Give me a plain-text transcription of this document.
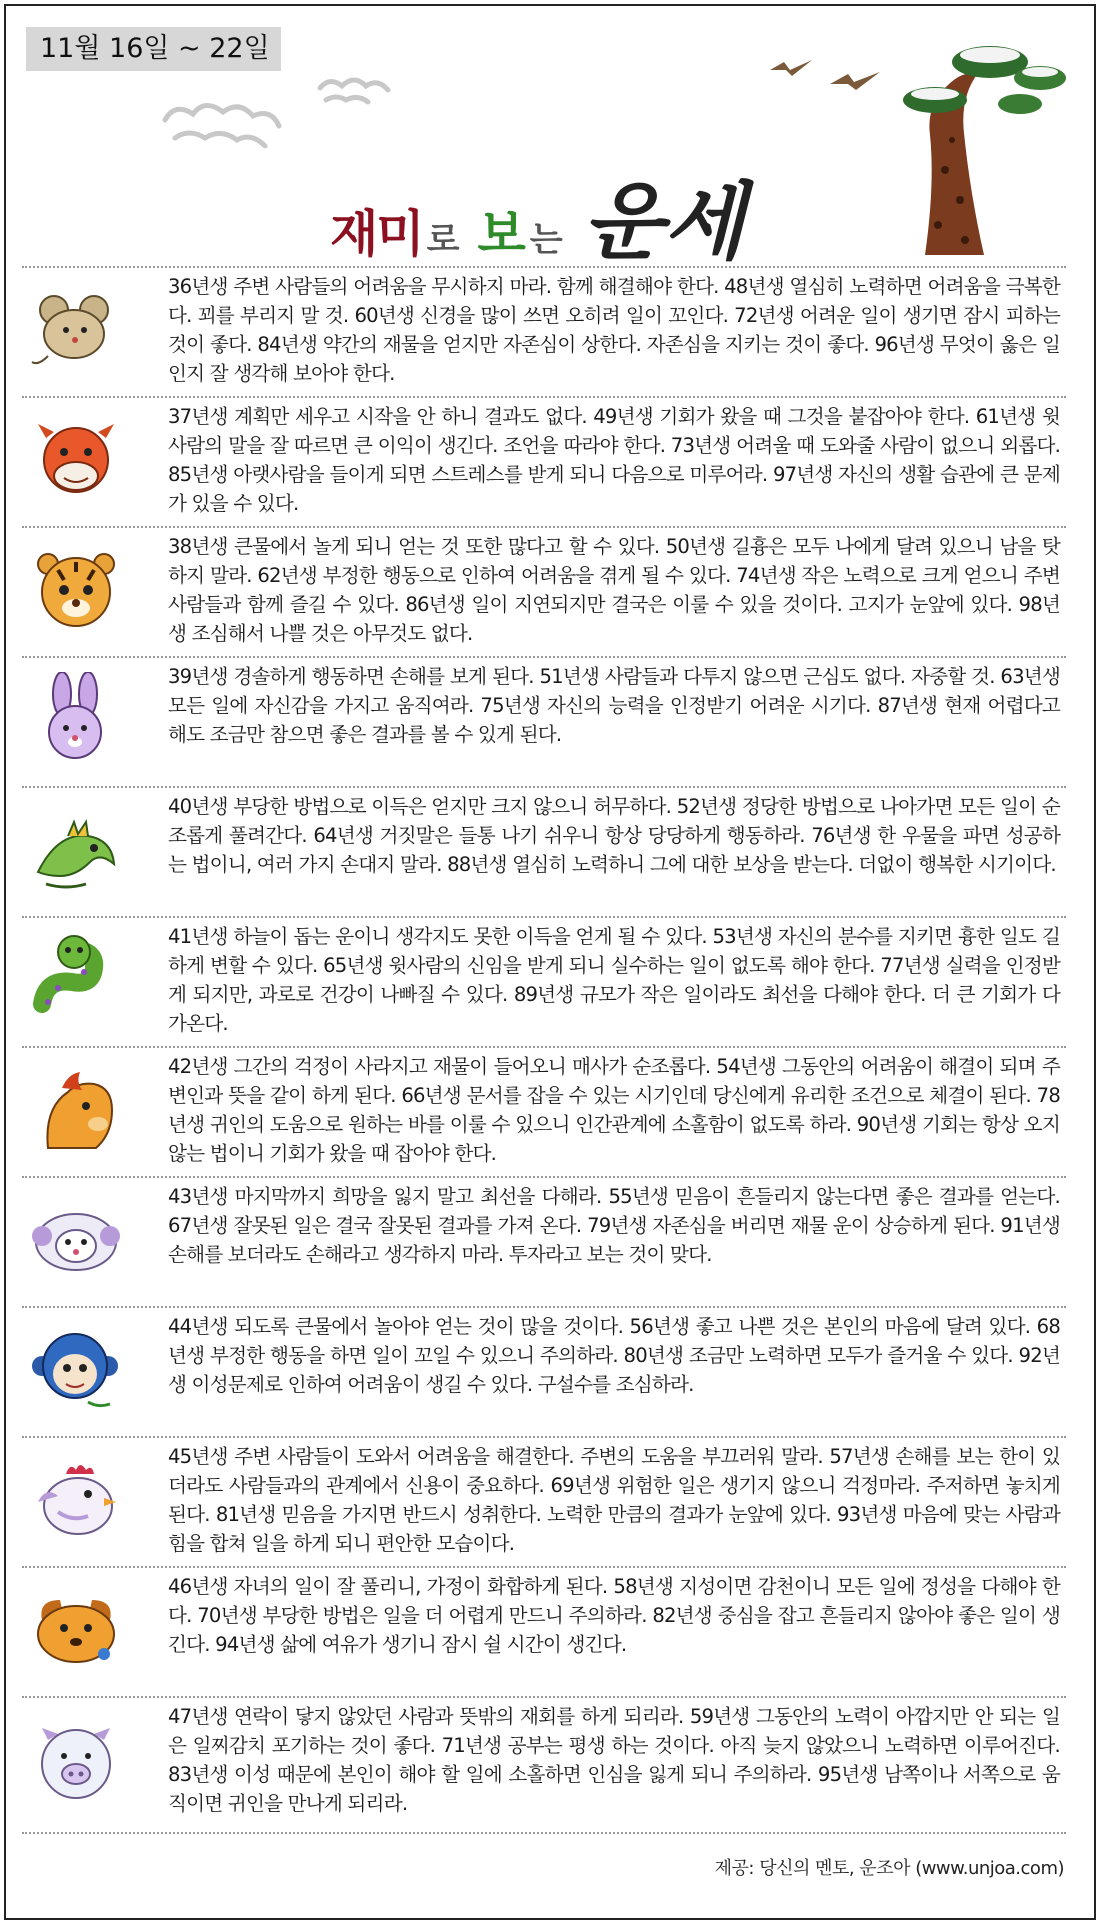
11월 16일 ~ 22일
재미 로 보 는 운세
36년생 주변 사람들의 어려움을 무시하지 마라. 함께 해결해야 한다. 48년생 열심히 노력하면 어려움을 극복한다. 꾀를 부리지 말 것. 60년생 신경을 많이 쓰면 오히려 일이 꼬인다. 72년생 어려운 일이 생기면 잠시 피하는 것이 좋다. 84년생 약간의 재물을 얻지만 자존심이 상한다. 자존심을 지키는 것이 좋다. 96년생 무엇이 옳은 일인지 잘 생각해 보아야 한다.
37년생 계획만 세우고 시작을 안 하니 결과도 없다. 49년생 기회가 왔을 때 그것을 붙잡아야 한다. 61년생 윗사람의 말을 잘 따르면 큰 이익이 생긴다. 조언을 따라야 한다. 73년생 어려울 때 도와줄 사람이 없으니 외롭다. 85년생 아랫사람을 들이게 되면 스트레스를 받게 되니 다음으로 미루어라. 97년생 자신의 생활 습관에 큰 문제가 있을 수 있다.
38년생 큰물에서 놀게 되니 얻는 것 또한 많다고 할 수 있다. 50년생 길흉은 모두 나에게 달려 있으니 남을 탓하지 말라. 62년생 부정한 행동으로 인하여 어려움을 겪게 될 수 있다. 74년생 작은 노력으로 크게 얻으니 주변 사람들과 함께 즐길 수 있다. 86년생 일이 지연되지만 결국은 이룰 수 있을 것이다. 고지가 눈앞에 있다. 98년생 조심해서 나쁠 것은 아무것도 없다.
39년생 경솔하게 행동하면 손해를 보게 된다. 51년생 사람들과 다투지 않으면 근심도 없다. 자중할 것. 63년생 모든 일에 자신감을 가지고 움직여라. 75년생 자신의 능력을 인정받기 어려운 시기다. 87년생 현재 어렵다고 해도 조금만 참으면 좋은 결과를 볼 수 있게 된다.
40년생 부당한 방법으로 이득은 얻지만 크지 않으니 허무하다. 52년생 정당한 방법으로 나아가면 모든 일이 순조롭게 풀려간다. 64년생 거짓말은 들통 나기 쉬우니 항상 당당하게 행동하라. 76년생 한 우물을 파면 성공하는 법이니, 여러 가지 손대지 말라. 88년생 열심히 노력하니 그에 대한 보상을 받는다. 더없이 행복한 시기이다.
41년생 하늘이 돕는 운이니 생각지도 못한 이득을 얻게 될 수 있다. 53년생 자신의 분수를 지키면 흉한 일도 길하게 변할 수 있다. 65년생 윗사람의 신임을 받게 되니 실수하는 일이 없도록 해야 한다. 77년생 실력을 인정받게 되지만, 과로로 건강이 나빠질 수 있다. 89년생 규모가 작은 일이라도 최선을 다해야 한다. 더 큰 기회가 다가온다.
42년생 그간의 걱정이 사라지고 재물이 들어오니 매사가 순조롭다. 54년생 그동안의 어려움이 해결이 되며 주변인과 뜻을 같이 하게 된다. 66년생 문서를 잡을 수 있는 시기인데 당신에게 유리한 조건으로 체결이 된다. 78년생 귀인의 도움으로 원하는 바를 이룰 수 있으니 인간관계에 소홀함이 없도록 하라. 90년생 기회는 항상 오지 않는 법이니 기회가 왔을 때 잡아야 한다.
43년생 마지막까지 희망을 잃지 말고 최선을 다해라. 55년생 믿음이 흔들리지 않는다면 좋은 결과를 얻는다. 67년생 잘못된 일은 결국 잘못된 결과를 가져 온다. 79년생 자존심을 버리면 재물 운이 상승하게 된다. 91년생 손해를 보더라도 손해라고 생각하지 마라. 투자라고 보는 것이 맞다.
44년생 되도록 큰물에서 놀아야 얻는 것이 많을 것이다. 56년생 좋고 나쁜 것은 본인의 마음에 달려 있다. 68년생 부정한 행동을 하면 일이 꼬일 수 있으니 주의하라. 80년생 조금만 노력하면 모두가 즐거울 수 있다. 92년생 이성문제로 인하여 어려움이 생길 수 있다. 구설수를 조심하라.
45년생 주변 사람들이 도와서 어려움을 해결한다. 주변의 도움을 부끄러워 말라. 57년생 손해를 보는 한이 있더라도 사람들과의 관계에서 신용이 중요하다. 69년생 위험한 일은 생기지 않으니 걱정마라. 주저하면 놓치게 된다. 81년생 믿음을 가지면 반드시 성취한다. 노력한 만큼의 결과가 눈앞에 있다. 93년생 마음에 맞는 사람과 힘을 합쳐 일을 하게 되니 편안한 모습이다.
46년생 자녀의 일이 잘 풀리니, 가정이 화합하게 된다. 58년생 지성이면 감천이니 모든 일에 정성을 다해야 한다. 70년생 부당한 방법은 일을 더 어렵게 만드니 주의하라. 82년생 중심을 잡고 흔들리지 않아야 좋은 일이 생긴다. 94년생 삶에 여유가 생기니 잠시 쉴 시간이 생긴다.
47년생 연락이 닿지 않았던 사람과 뜻밖의 재회를 하게 되리라. 59년생 그동안의 노력이 아깝지만 안 되는 일은 일찌감치 포기하는 것이 좋다. 71년생 공부는 평생 하는 것이다. 아직 늦지 않았으니 노력하면 이루어진다. 83년생 이성 때문에 본인이 해야 할 일에 소홀하면 인심을 잃게 되니 주의하라. 95년생 남쪽이나 서쪽으로 움직이면 귀인을 만나게 되리라.
제공: 당신의 멘토, 운조아 (www.unjoa.com)
